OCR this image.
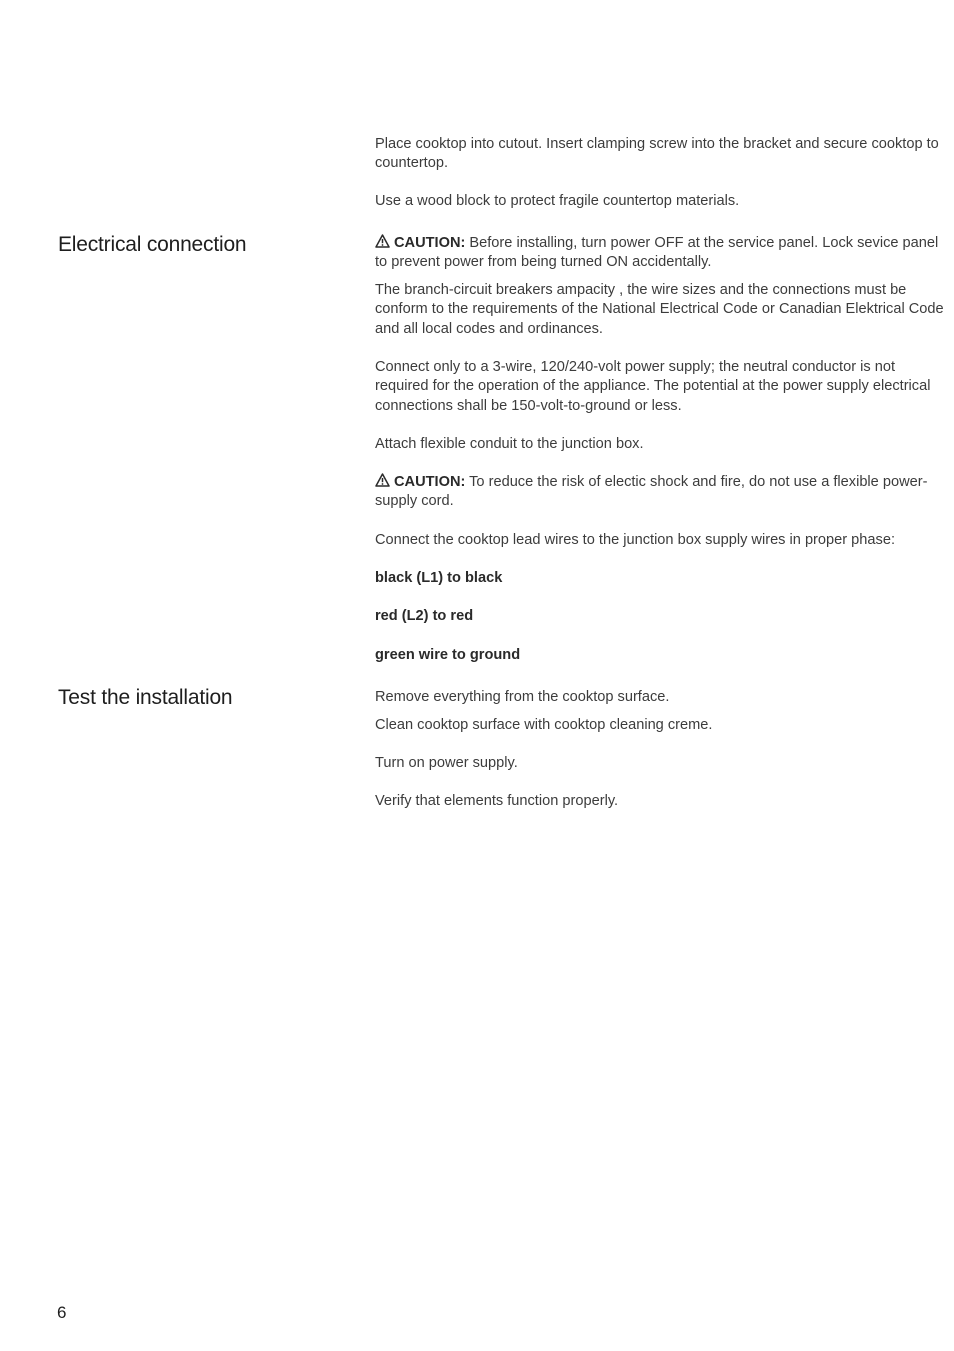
Place cooktop into cutout. Insert clamping screw into the bracket and secure cooktop to countertop.

Use a wood block to protect fragile countertop materials.

Electrical connection	CAUTION: Before installing, turn power OFF at the service panel. Lock sevice panel to prevent power from being turned ON accidentally.

The branch-circuit breakers ampacity , the wire sizes and the connections must be conform to the requirements of the National Electrical Code or Canadian Elektrical Code and all local codes and ordinances.

Connect only to a 3-wire, 120/240-volt power supply; the neutral conductor is not required for the operation of the appliance. The potential at the power supply electrical connections shall be 150-volt-to-ground or less.

Attach flexible conduit to the junction box.

CAUTION: To reduce the risk of electic shock and fire, do not use a flexible power-supply cord.

Connect the cooktop lead wires to the junction box supply wires in proper phase:

black (L1) to black

red (L2) to red

green wire to ground

Test the installation	Remove everything from the cooktop surface.

Clean cooktop surface with cooktop cleaning creme.

Turn on power supply.

Verify that elements function properly.

6
